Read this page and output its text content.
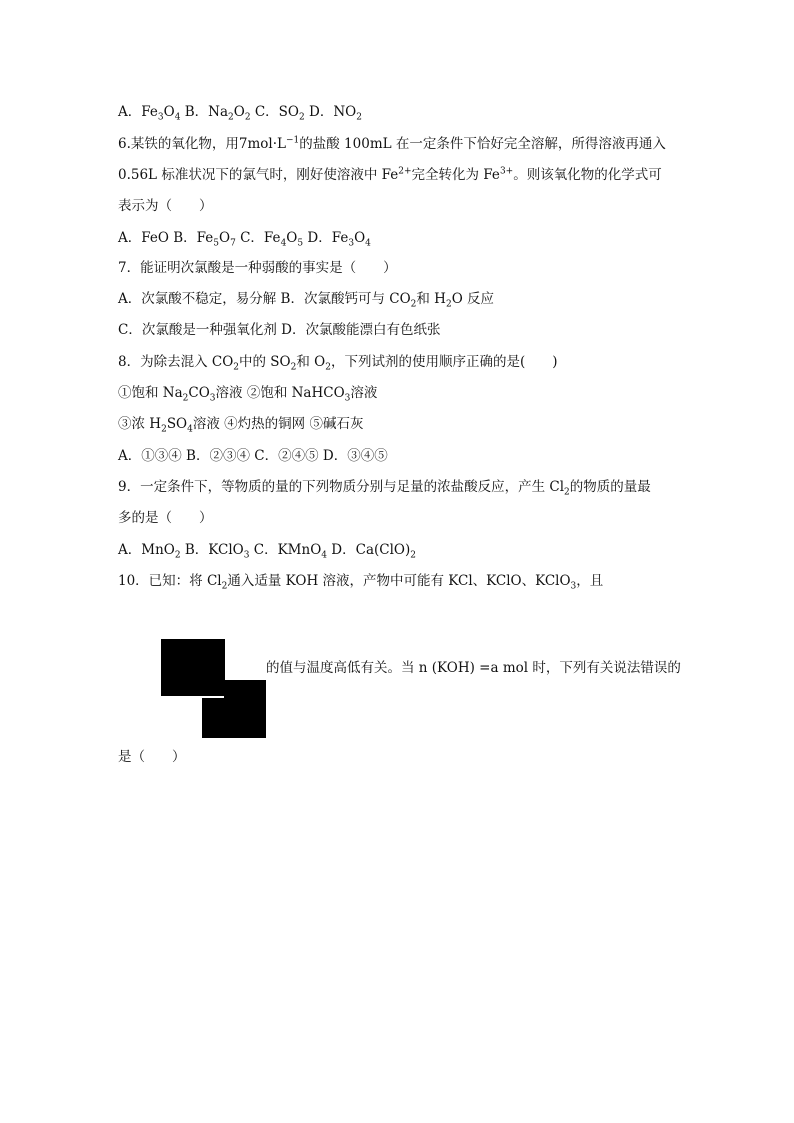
A．$Fe_3O_4$ B．$Na_2O_2$ C．$SO_2$ D．$NO_2$
6.某铁的氧化物，用$7mol\cdot L^{-1}$的盐酸 100mL 在一定条件下恰好完全溶解，所得溶液再通入
0.56L 标准状况下的氯气时，刚好使溶液中 $Fe^{2+}$完全转化为 $Fe^{3+}$。则该氧化物的化学式可
表示为（　　）
A．FeO B．$Fe_5O_7$ C．$Fe_4O_5$ D．$Fe_3O_4$
7．能证明次氯酸是一种弱酸的事实是（　　）
A．次氯酸不稳定，易分解 B．次氯酸钙可与 $CO_2$和 $H_2O$ 反应
C．次氯酸是一种强氧化剂 D．次氯酸能漂白有色纸张
8．为除去混入 $CO_2$中的 $SO_2$和 $O_2$，下列试剂的使用顺序正确的是(　　)
①饱和 $Na_2CO_3$溶液 ②饱和 NaHCO$_3$溶液
③浓 $H_2SO_4$溶液 ④灼热的铜网 ⑤碱石灰
A．①③④ B．②③④ C．②④⑤ D．③④⑤
9．一定条件下，等物质的量的下列物质分别与足量的浓盐酸反应，产生 $Cl_2$的物质的量最
多的是（　　）
A．MnO$_2$ B．KClO$_3$ C．KMnO$_4$ D．$Ca(ClO)_2$
10．已知：将 $Cl_2$通入适量 KOH 溶液，产物中可能有 KCl、KClO、KClO$_3$，且
的值与温度高低有关。当 n (KOH) =a mol 时，下列有关说法错误的
是（　　）
